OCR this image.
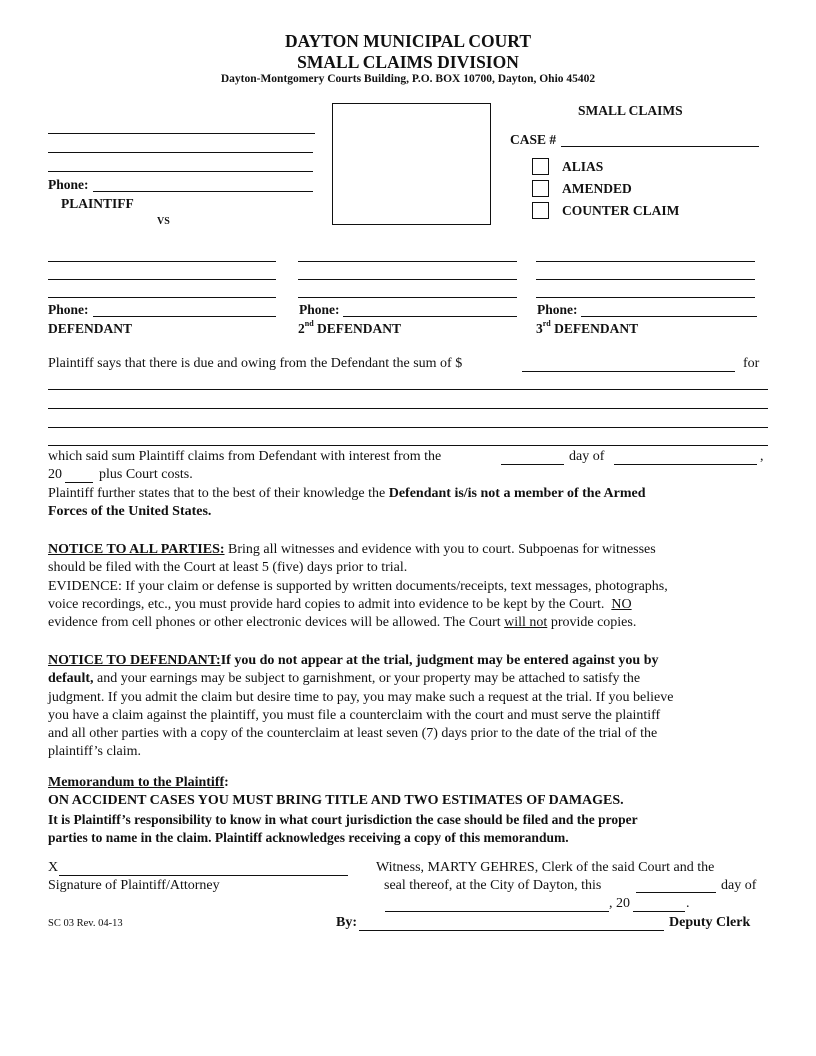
DAYTON MUNICIPAL COURT
SMALL CLAIMS DIVISION
Dayton-Montgomery Courts Building, P.O. BOX 10700, Dayton, Ohio 45402
Phone:
PLAINTIFF
VS
SMALL CLAIMS
CASE #
ALIAS
AMENDED
COUNTER CLAIM
Phone:
DEFENDANT
Phone:
2nd DEFENDANT
Phone:
3rd DEFENDANT
Plaintiff says that there is due and owing from the Defendant the sum of $	for
which said sum Plaintiff claims from Defendant with interest from the	day of	,
20	plus Court costs.
Plaintiff further states that to the best of their knowledge the Defendant is/is not a member of the Armed
Forces of the United States.
NOTICE TO ALL PARTIES: Bring all witnesses and evidence with you to court. Subpoenas for witnesses
should be filed with the Court at least 5 (five) days prior to trial.
EVIDENCE: If your claim or defense is supported by written documents/receipts, text messages, photographs,
voice recordings, etc., you must provide hard copies to admit into evidence to be kept by the Court. NO
evidence from cell phones or other electronic devices will be allowed. The Court will not provide copies.
NOTICE TO DEFENDANT:If you do not appear at the trial, judgment may be entered against you by
default, and your earnings may be subject to garnishment, or your property may be attached to satisfy the
judgment. If you admit the claim but desire time to pay, you may make such a request at the trial. If you believe
you have a claim against the plaintiff, you must file a counterclaim with the court and must serve the plaintiff
and all other parties with a copy of the counterclaim at least seven (7) days prior to the date of the trial of the
plaintiff’s claim.
Memorandum to the Plaintiff:
ON ACCIDENT CASES YOU MUST BRING TITLE AND TWO ESTIMATES OF DAMAGES.
It is Plaintiff’s responsibility to know in what court jurisdiction the case should be filed and the proper
parties to name in the claim. Plaintiff acknowledges receiving a copy of this memorandum.
X
Signature of Plaintiff/Attorney
Witness, MARTY GEHRES, Clerk of the said Court and the
seal thereof, at the City of Dayton, this	day of
, 20	.
SC 03 Rev. 04-13	By:	Deputy Clerk
